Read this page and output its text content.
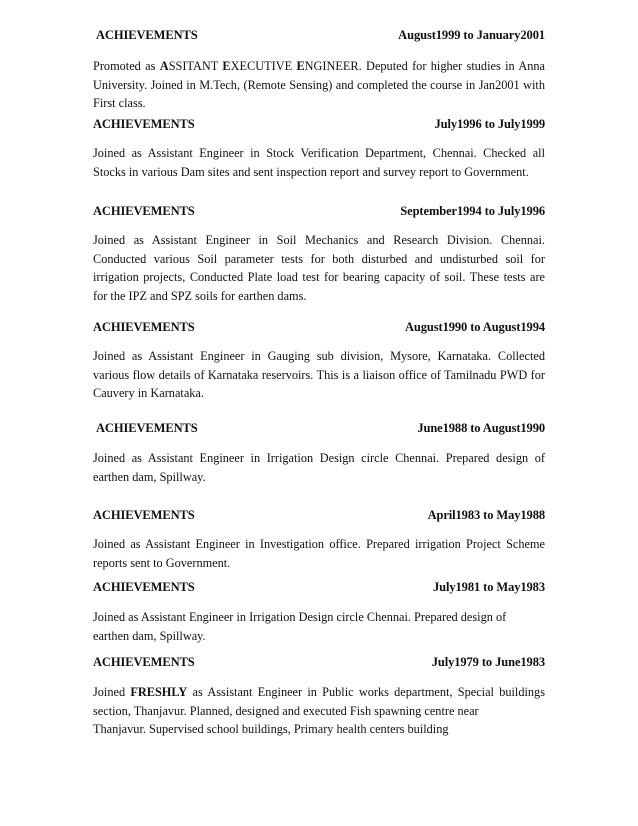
ACHIEVEMENTS	August1999 to January2001
Promoted as ASSITANT EXECUTIVE ENGINEER. Deputed for higher studies in Anna
University. Joined in M.Tech, (Remote Sensing) and completed the course in Jan2001 with
First class.
ACHIEVEMENTS	July1996 to July1999
Joined as Assistant Engineer in Stock Verification Department, Chennai. Checked all
Stocks in various Dam sites and sent inspection report and survey report to Government.
ACHIEVEMENTS	September1994 to July1996
Joined as Assistant Engineer in Soil Mechanics and Research Division. Chennai.
Conducted various Soil parameter tests for both disturbed and undisturbed soil for
irrigation projects, Conducted Plate load test for bearing capacity of soil. These tests are
for the IPZ and SPZ soils for earthen dams.
ACHIEVEMENTS	August1990 to August1994
Joined as Assistant Engineer in Gauging sub division, Mysore, Karnataka. Collected
various flow details of Karnataka reservoirs. This is a liaison office of Tamilnadu PWD for
Cauvery in Karnataka.
ACHIEVEMENTS	June1988 to August1990
Joined as Assistant Engineer in Irrigation Design circle Chennai. Prepared design of
earthen dam, Spillway.
ACHIEVEMENTS	April1983 to May1988
Joined as Assistant Engineer in Investigation office. Prepared irrigation Project Scheme
reports sent to Government.
ACHIEVEMENTS	July1981 to May1983
Joined as Assistant Engineer in Irrigation Design circle Chennai. Prepared design of
earthen dam, Spillway.
ACHIEVEMENTS	July1979 to June1983
Joined FRESHLY as Assistant Engineer in Public works department, Special buildings
section, Thanjavur. Planned, designed and executed Fish spawning centre near
Thanjavur. Supervised school buildings, Primary health centers building
